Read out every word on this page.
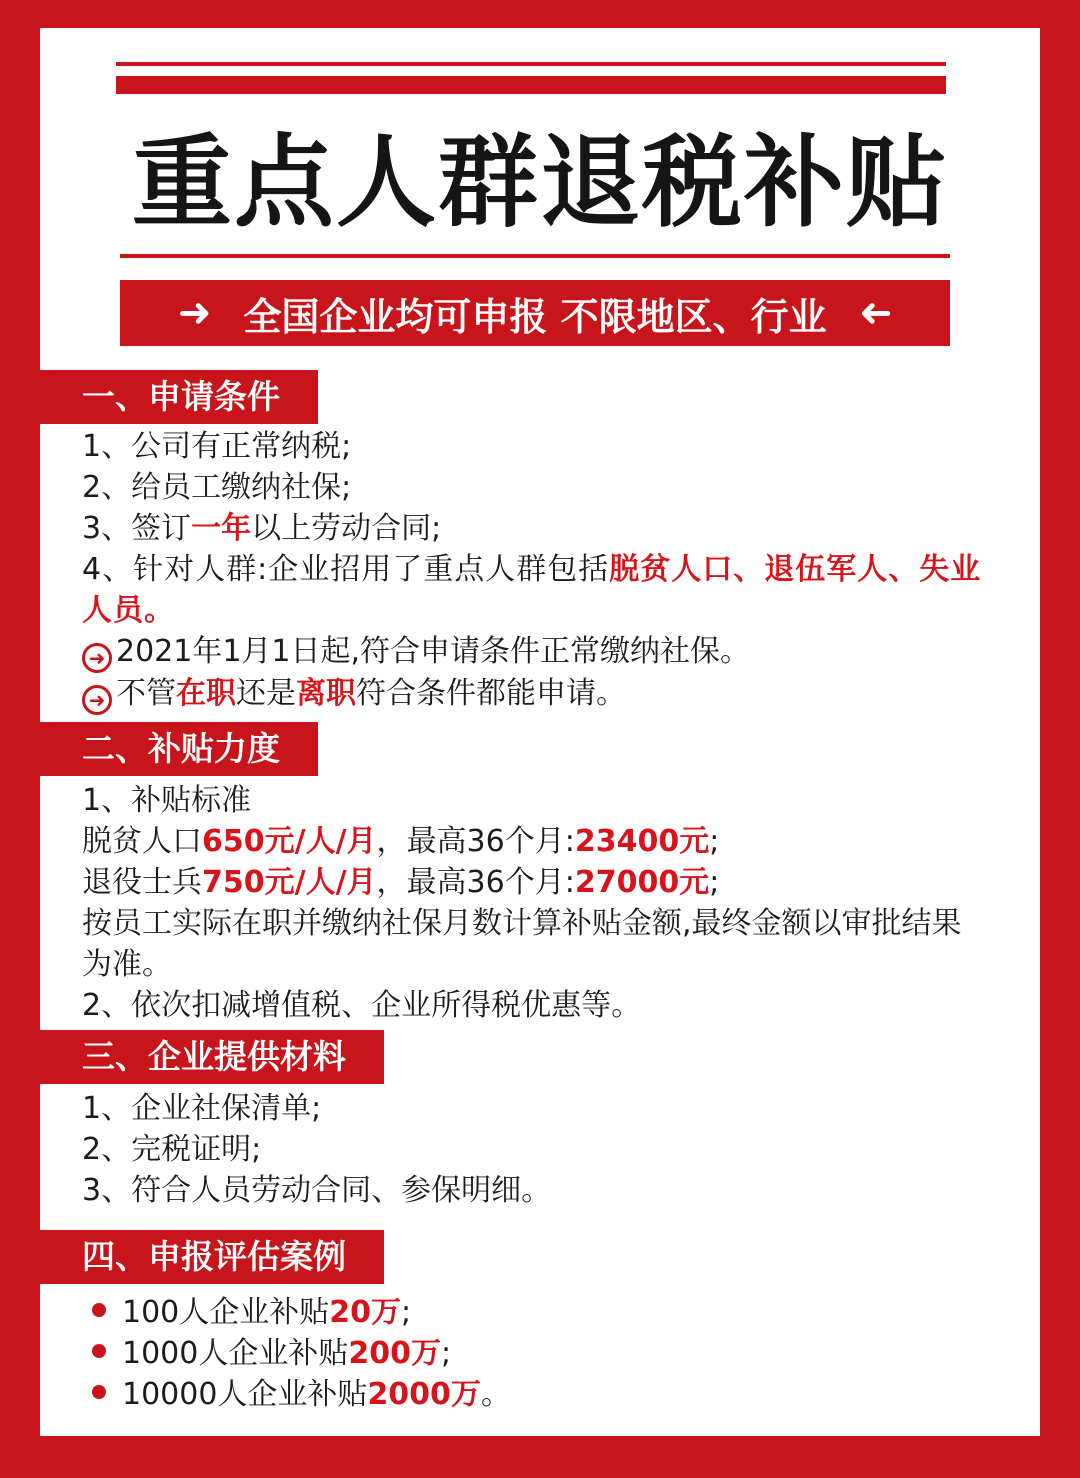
重点人群退税补贴
➜ 全国企业均可申报 不限地区、行业 ➜
一、申请条件

1、公司有正常纳税;

2、给员工缴纳社保;

3、签订一年以上劳动合同;

4、针对人群:企业招用了重点人群包括脱贫人口、退伍军人、失业人员。

➜ 2021年1月1日起,符合申请条件正常缴纳社保。

➜ 不管在职还是离职符合条件都能申请。

二、补贴力度

1、补贴标准

脱贫人口650元/人/月，最高36个月:23400元;

退役士兵750元/人/月，最高36个月:27000元;

按员工实际在职并缴纳社保月数计算补贴金额,最终金额以审批结果为准。

2、依次扣减增值税、企业所得税优惠等。

三、企业提供材料

1、企业社保清单;

2、完税证明;

3、符合人员劳动合同、参保明细。

四、申报评估案例

100人企业补贴20万;

1000人企业补贴200万;

10000人企业补贴2000万。
